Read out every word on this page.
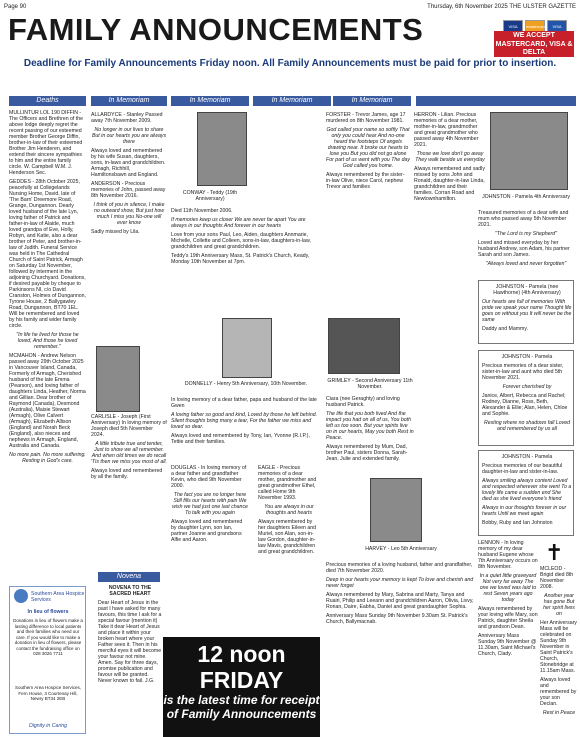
Page 90	Thursday, 6th November 2025 THE ULSTER GAZETTE
FAMILY ANNOUNCEMENTS	VISA	mastercard	VISA
WE ACCEPT MASTERCARD, VISA & DELTA
Deadline for Family Announcements Friday noon. All Family Announcements must be paid for prior to insertion.
Deaths	In Memoriam	In Memoriam	In Memoriam	In Memoriam

MULLINTUR LOL 190 DIFFIN - The Officers and Brethren of the above lodge deeply regret the recent passing of our esteemed member Brother George Diffin, brother-in-law of their esteemed Brother Jim Henderen, and extend their sincere sympathies to him and the entire family circle. W. Campbell W.M. J. Henderson Sec.

GEDDES - 28th October 2025, peacefully at Collegelands Nursing Home, David, late of 'The Barn' Dreemore Road, Grange, Dungannon. Dearly loved husband of the late Lyn, loving father of Patrick and father-in-law of Alaide, much loved grandpa of Eve, Holly, Robyn, and Katie, also a dear brother of Peter, and brother-in-law of Judith. Funeral Service was held in The Cathedral Church of Saint Patrick, Armagh on Saturday 1st November, followed by interment in the adjoining Churchyard. Donations, if desired payable by cheque to Parkinsons NI, c/o David Cranston, Holmes of Dungannon, Tyrone House, 2 Ballygawley Road, Dungannon, BT70 1EL. Will be remembered and loved by his family and wider family circle.

"In life he lived for those he loved, And those he loved remember."

MCMAHON - Andrew Nelson passed away 29th October 2025 in Vancouver Island, Canada, Formerly of Armagh, Cherished husband of the late Emma (Pearson), and loving father of daughters Linda, Heather, Norma and Gillian. Dear brother of Raymond (Canada), Desmond (Australia), Maisie Stewart (Armagh), Olive Calvert (Armagh), Elizabeth Allison (England) and Norah Beck (England), also nieces and nephews in Armagh, England, Australia and Canada.

No more pain. No more suffering. Resting in God's care.

Southern Area Hospice Services
In lieu of flowers
Donations in lieu of flowers make a lasting difference to local patients and their families who need our care. If you would like to make a donation in lieu of flowers, please contact the fundraising office on 028 3026 7711
Southern Area Hospice Services, Fern House, 3 Courtenay Hill, Newry BT34 2EB
Dignity in Caring

ALLARDYCE - Stanley Passed away 7th November 2009.

No longer in our lives to share But in our hearts you are always there

Always loved and remembered by his wife Susan, daughters, sons, in-laws and grandchildren. Armagh, Richhill, Hamiltonsbawn and England.

ANDERSON - Precious memories of John, passed away 8th November 2016.

I think of you in silence, I make no outward show, But just how much I miss you No-one will ever know

Sadly missed by Lila.

CARLISLE - Joseph (First Anniversary) In loving memory of Joseph died 5th November 2024.

A little tribute true and tender, Just to show we all remember. And when old times we do recall 'Tis then we miss you most of all.

Always loved and remembered by all the family.

Novena

NOVENA TO THE SACRED HEART

Dear Heart of Jesus in the past I have asked for many favours, this time I ask for a special favour (mention it) Take it dear Heart of Jesus and place it within your broken heart where your Father sees it. Then in his merciful eyes it will become your favour not mine. Amen. Say for three days, promise publication and favour will be granted. Never known to fail. J.G.

CONWAY - Teddy (19th Anniversary)

Died 11th November 2006.

If memories keep us closer We are never far apart You are always in our thoughts And forever in our hearts

Love from your sons Paul, Leo, Aiden, daughters Annmarie, Michelle, Collette and Colleen, sons-in-law, daughters-in-law, grandchildren and great grandchildren.

Teddy's 19th Anniversary Mass, St. Patrick's Church, Keady, Monday 10th November at 7pm.

DONNELLY - Henry 5th Anniversary, 10th November.

In loving memory of a dear father, papa and husband of the late Gwen

A loving father so good and kind, Loved by those he left behind. Silent thoughts bring many a tear, For the father we miss and loved so dear.

Always loved and remembered by Tony, Ian, Yvonne (R.I.P.), Tettie and their families.

DOUGLAS - In loving memory of a dear father and grandfather Kevin, who died 9th November 2000.

The fact you are no longer here Still fills our hearts with pain We wish we had just one last chance To talk with you again

Always loved and remembered by daughter Lynn, son Ian, partner Joanne and grandsons Alfie and Aaron.

EAGLE - Precious memories of a dear mother, grandmother and great grandmother Ethel, called Home 9th November 1993.

You are always in our thoughts and hearts

Always remembered by her daughters Eileen and Muriel, son Alan, son-in-law Gordon, daughter-in-law Mavis, grandchildren and great grandchildren.

12 noon FRIDAY
is the latest time for receipt of Family Announcements

FORSTER - Trevor James, age 17 murdered on 8th November 1981.

God called your name so softly That only you could hear And no-one heard the footsteps Of angels drawing near. It broke our hearts to lose you But you did not go alone For part of us went with you The day God called you home.

Always remembered by the sister-in-law Olive, niece Carol, nephew Trevor and families

GRIMLEY - Second Anniversary 11th November.

Ciara (nee Geraghty) and loving husband Patrick.

The life that you both lived And the impact you had on all of us, You both left us too soon. But your spirits live on in our hearts, May you both Rest in Peace.

Always remembered by Mum, Dad, brother Paul, sisters Donna, Sarah-Jean, Julie and extended family.

HARVEY - Leo 5th Anniversary

Precious memories of a loving husband, father and grandfather, died 7th November 2020.

Deep in our hearts your memory is kept To love and cherish and never forget

Always remembered by Mary, Sabrina and Marty, Tanya and Ruairi, Philip and Leeann and grandchildren Aaron, Olivia, Livvy, Ronan, Daire, Eabha, Daniel and great grandaughter Sophia.

Anniversary Mass Sunday 9th November 9.30am St. Patrick's Church, Ballymacnab.

HERRON - Lilian. Precious memories of a dear mother, mother-in-law, grandmother and great grandmother who passed away 4th November 2021.

Those we love don't go away They walk beside us everyday

Always remembered and sadly missed by sons John and Ronald, daughter-in-law Linda, grandchildren and their families. Corran Road and Newtownhamilton.

LENNON - In loving memory of my dear husband Eugene whose 7th Anniversary occurs on 8th November.

In a quiet little graveyard Not very far away The one we loved was laid to rest Seven years ago today

Always remembered by your loving wife Mary, son Patrick, daughter Sheila and grandson Dean.

Anniversary Mass Sunday 9th November @ 11.30am, Saint Michael's Church, Clady.

JOHNSTON - Pamela 4th Anniversary

Treasured memories of a dear wife and mum who passed away 5th November 2021.

"The Lord is my Shepherd"

Loved and missed everyday by her husband Andrew, son Adam, his partner Sarah and son James.

"Always loved and never forgotten"

JOHNSTON - Pamela (nee Hawthorne) (4th Anniversary)

Our hearts are full of memories With pride we speak your name Thought life goes on without you It will never be the same

Daddy and Mammy.

JOHNSTON - Pamela

Precious memories of a dear sister, sister-in-law and aunt who died 5th November 2021.

Forever cherished by

Janice, Albert, Rebecca and Rachel; Rodney, Dianne, Ross, Beth, Alexander & Ellie; Alan, Helen, Chloe and Sophie.

Resting where no shadows fall Loved and remembered by us all

JOHNSTON - Pamela

Precious memories of our beautiful daughter-in-law and sister-in-law.

Always smiling always content Loved and respected wherever she went To a lovely life came a sudden end She died as she lived everyone's friend

Always in our thoughts forever in our hearts Until we meet again

Bobby, Ruby and Ian Johnston

✝

MCLEOD - Brigid died 8th November 2008.

Another year has gone But her spirit lives on

Her Anniversary Mass will be celebrated on Sunday 9th November in Saint Patrick's Church, Stonebridge at 11.15am Mass.

Always loved and remembered by your son Declan.

Rest in Peace
